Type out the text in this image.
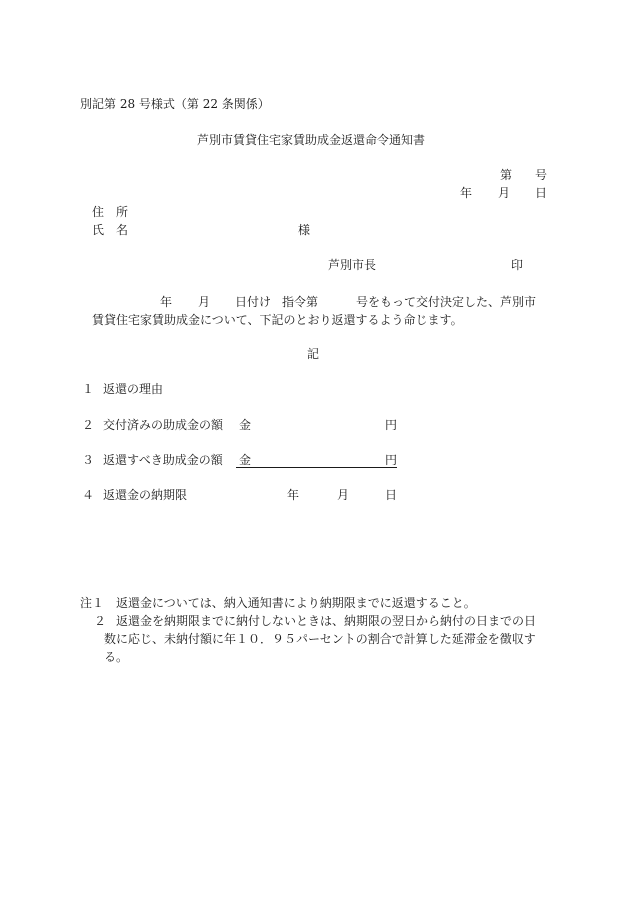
別記第 28 号様式（第 22 条関係）
芦別市賃貸住宅家賃助成金返還命令通知書
第 号
年 月 日
住　所
氏　名	様
芦別市長	印
年 月 日付け 指令第	号をもって交付決定した、芦別市
賃貸住宅家賃助成金について、下記のとおり返還するよう命じます。
記
１ 返還の理由
２ 交付済みの助成金の額 金	円
３ 返還すべき助成金の額 金	円
４ 返還金の納期限	年	月	日
注１ 返還金については、納入通知書により納期限までに返還すること。
２ 返還金を納期限までに納付しないときは、納期限の翌日から納付の日までの日
数に応じ、未納付額に年１０．９５パーセントの割合で計算した延滞金を徴収す
る。
